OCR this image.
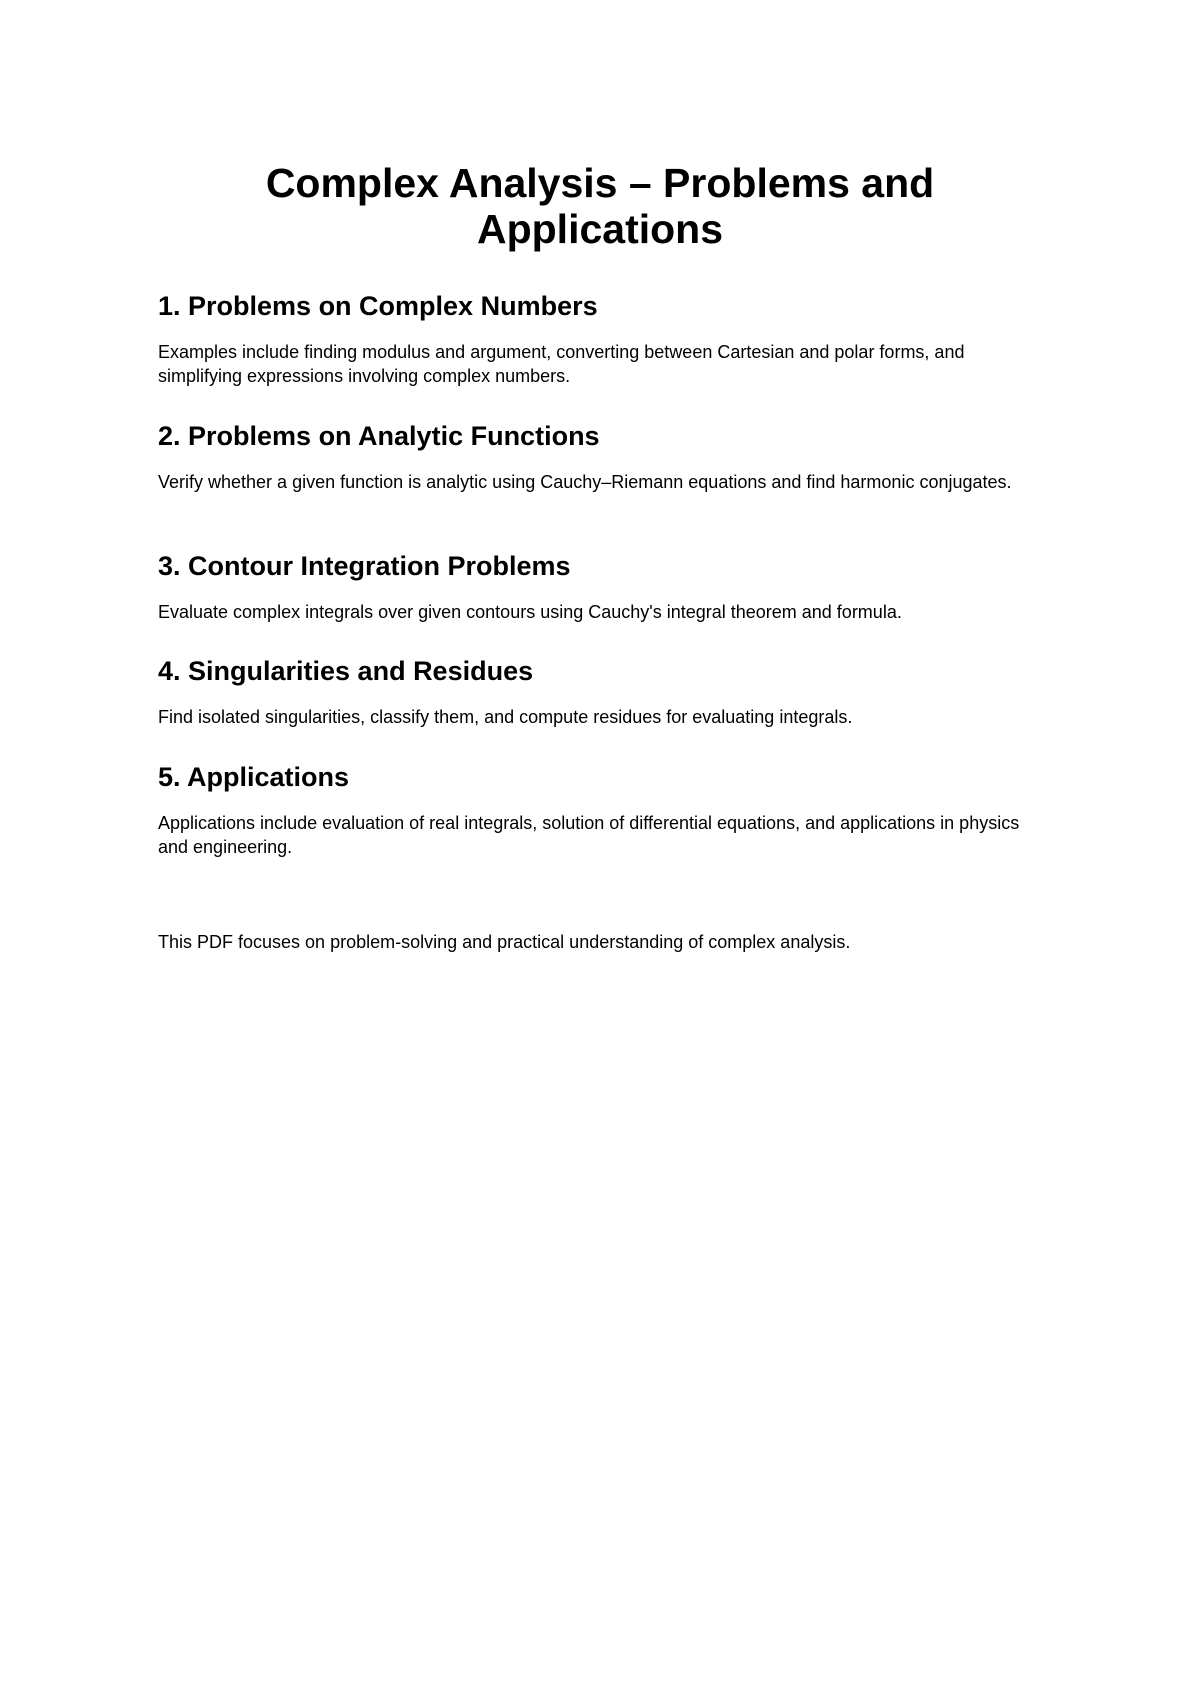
Complex Analysis – Problems and
Applications
1. Problems on Complex Numbers

Examples include finding modulus and argument, converting between Cartesian and polar forms, and simplifying expressions involving complex numbers.

2. Problems on Analytic Functions

Verify whether a given function is analytic using Cauchy–Riemann equations and find harmonic conjugates.

3. Contour Integration Problems

Evaluate complex integrals over given contours using Cauchy's integral theorem and formula.

4. Singularities and Residues

Find isolated singularities, classify them, and compute residues for evaluating integrals.

5. Applications

Applications include evaluation of real integrals, solution of differential equations, and applications in physics and engineering.

This PDF focuses on problem-solving and practical understanding of complex analysis.
